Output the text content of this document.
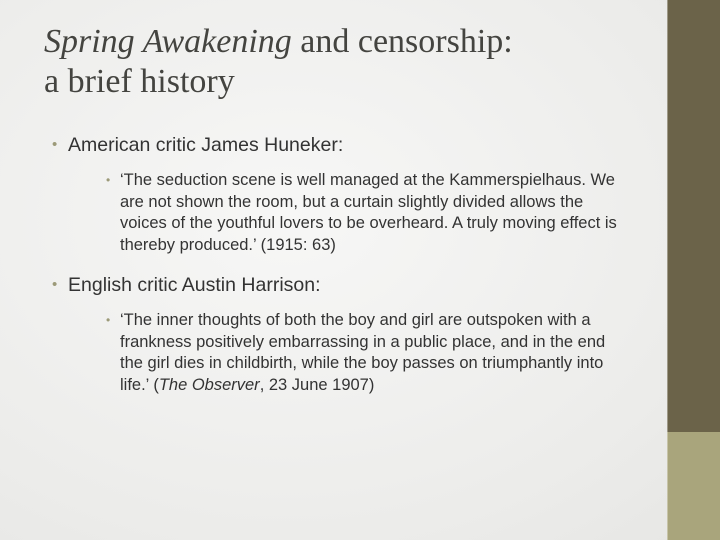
Spring Awakening and censorship:
a brief history
• American critic James Huneker:
• ‘The seduction scene is well managed at the Kammerspielhaus. We are not shown the room, but a curtain slightly divided allows the voices of the youthful lovers to be overheard. A truly moving effect is thereby produced.’ (1915: 63)
• English critic Austin Harrison:
• ‘The inner thoughts of both the boy and girl are outspoken with a frankness positively embarrassing in a public place, and in the end the girl dies in childbirth, while the boy passes on triumphantly into life.’ (The Observer, 23 June 1907)
